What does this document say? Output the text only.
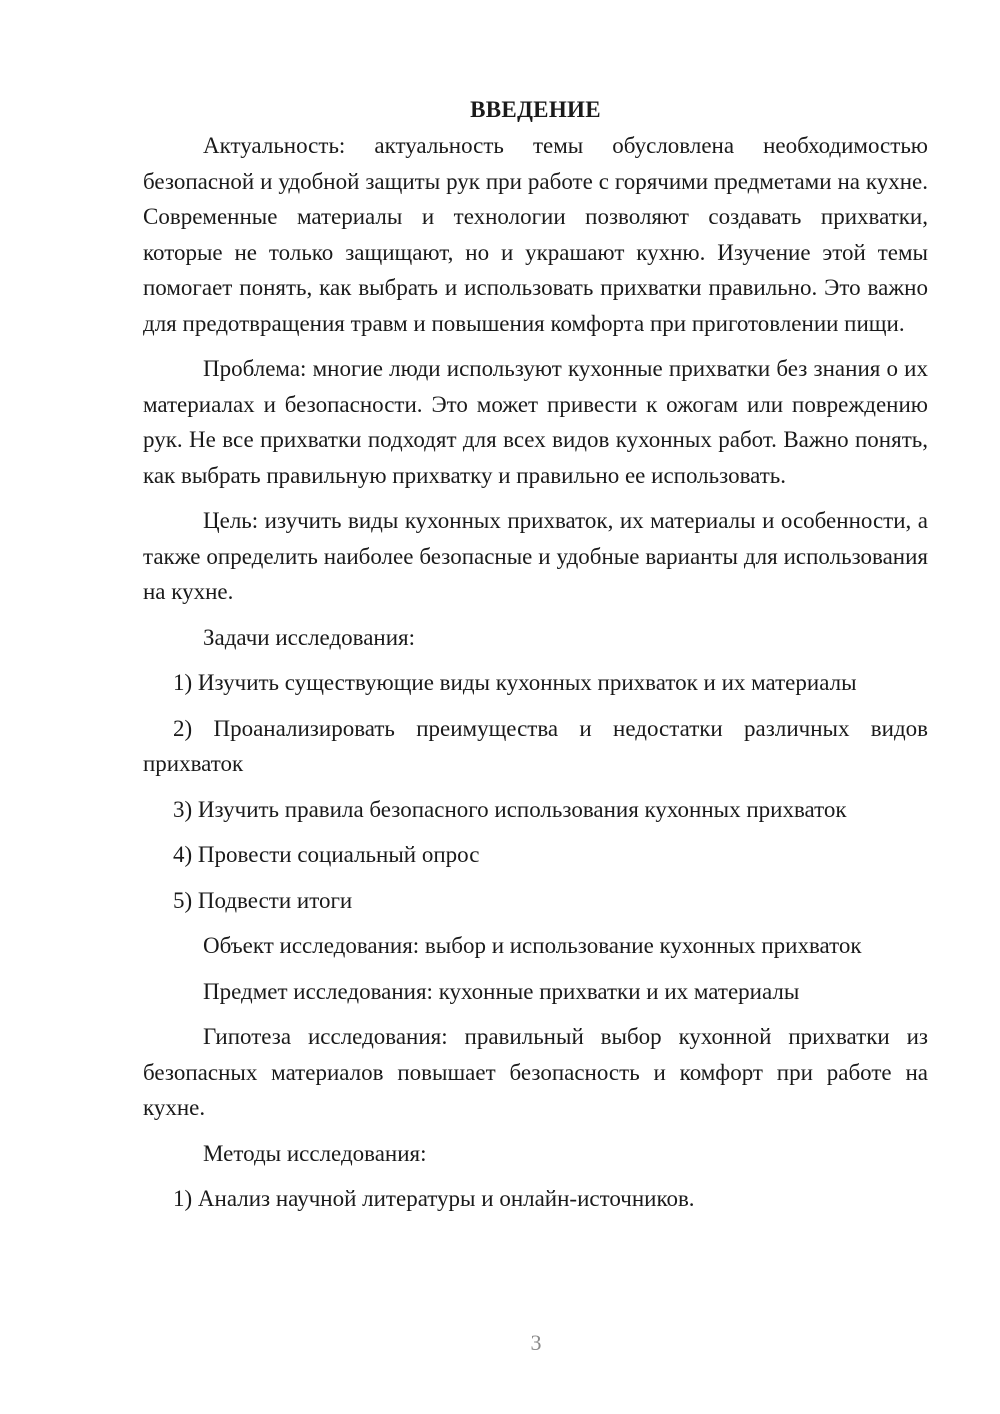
ВВЕДЕНИЕ

Актуальность: актуальность темы обусловлена необходимостью безопасной и удобной защиты рук при работе с горячими предметами на кухне. Современные материалы и технологии позволяют создавать прихватки, которые не только защищают, но и украшают кухню. Изучение этой темы помогает понять, как выбрать и использовать прихватки правильно. Это важно для предотвращения травм и повышения комфорта при приготовлении пищи.

Проблема: многие люди используют кухонные прихватки без знания о их материалах и безопасности. Это может привести к ожогам или повреждению рук. Не все прихватки подходят для всех видов кухонных работ. Важно понять, как выбрать правильную прихватку и правильно ее использовать.

Цель: изучить виды кухонных прихваток, их материалы и особенности, а также определить наиболее безопасные и удобные варианты для использования на кухне.

Задачи исследования:

1) Изучить существующие виды кухонных прихваток и их материалы

2) Проанализировать преимущества и недостатки различных видов прихваток

3) Изучить правила безопасного использования кухонных прихваток

4) Провести социальный опрос

5) Подвести итоги

Объект исследования: выбор и использование кухонных прихваток

Предмет исследования: кухонные прихватки и их материалы

Гипотеза исследования: правильный выбор кухонной прихватки из безопасных материалов повышает безопасность и комфорт при работе на кухне.

Методы исследования:

1) Анализ научной литературы и онлайн-источников.

3
